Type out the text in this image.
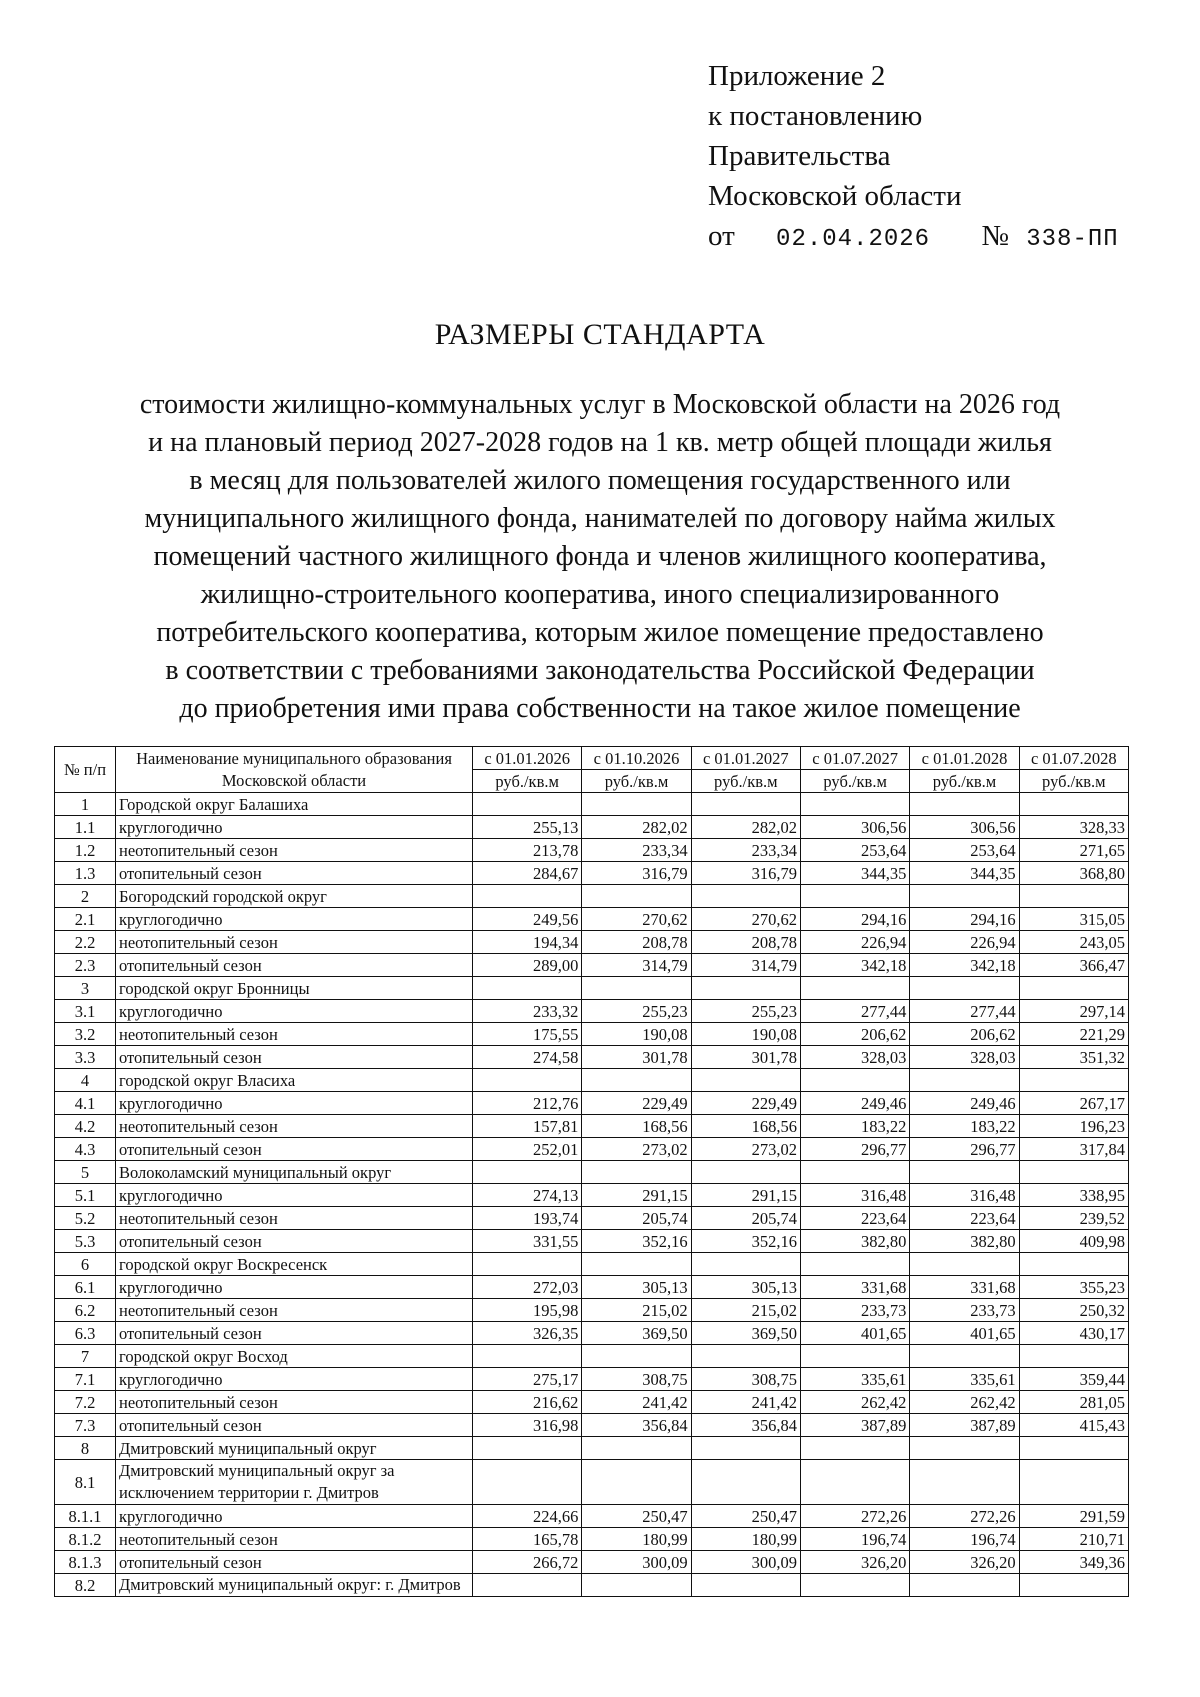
Приложение 2
к постановлению
Правительства
Московской области
от 02.04.2026 № 338-ПП
РАЗМЕРЫ СТАНДАРТА
стоимости жилищно-коммунальных услуг в Московской области на 2026 год
и на плановый период 2027-2028 годов на 1 кв. метр общей площади жилья
в месяц для пользователей жилого помещения государственного или
муниципального жилищного фонда, нанимателей по договору найма жилых
помещений частного жилищного фонда и членов жилищного кооператива,
жилищно-строительного кооператива, иного специализированного
потребительского кооператива, которым жилое помещение предоставлено
в соответствии с требованиями законодательства Российской Федерации
до приобретения ими права собственности на такое жилое помещение
№ п/п	Наименование муниципального образования Московской области	с 01.01.2026	с 01.10.2026	с 01.01.2027	с 01.07.2027	с 01.01.2028	с 01.07.2028
		руб./кв.м	руб./кв.м	руб./кв.м	руб./кв.м	руб./кв.м	руб./кв.м
1	Городской округ Балашиха						
1.1	круглогодично	255,13	282,02	282,02	306,56	306,56	328,33
1.2	неотопительный сезон	213,78	233,34	233,34	253,64	253,64	271,65
1.3	отопительный сезон	284,67	316,79	316,79	344,35	344,35	368,80
2	Богородский городской округ						
2.1	круглогодично	249,56	270,62	270,62	294,16	294,16	315,05
2.2	неотопительный сезон	194,34	208,78	208,78	226,94	226,94	243,05
2.3	отопительный сезон	289,00	314,79	314,79	342,18	342,18	366,47
3	городской округ Бронницы						
3.1	круглогодично	233,32	255,23	255,23	277,44	277,44	297,14
3.2	неотопительный сезон	175,55	190,08	190,08	206,62	206,62	221,29
3.3	отопительный сезон	274,58	301,78	301,78	328,03	328,03	351,32
4	городской округ Власиха						
4.1	круглогодично	212,76	229,49	229,49	249,46	249,46	267,17
4.2	неотопительный сезон	157,81	168,56	168,56	183,22	183,22	196,23
4.3	отопительный сезон	252,01	273,02	273,02	296,77	296,77	317,84
5	Волоколамский муниципальный округ						
5.1	круглогодично	274,13	291,15	291,15	316,48	316,48	338,95
5.2	неотопительный сезон	193,74	205,74	205,74	223,64	223,64	239,52
5.3	отопительный сезон	331,55	352,16	352,16	382,80	382,80	409,98
6	городской округ Воскресенск						
6.1	круглогодично	272,03	305,13	305,13	331,68	331,68	355,23
6.2	неотопительный сезон	195,98	215,02	215,02	233,73	233,73	250,32
6.3	отопительный сезон	326,35	369,50	369,50	401,65	401,65	430,17
7	городской округ Восход						
7.1	круглогодично	275,17	308,75	308,75	335,61	335,61	359,44
7.2	неотопительный сезон	216,62	241,42	241,42	262,42	262,42	281,05
7.3	отопительный сезон	316,98	356,84	356,84	387,89	387,89	415,43
8	Дмитровский муниципальный округ						
8.1	Дмитровский муниципальный округ за исключением территории г. Дмитров						
8.1.1	круглогодично	224,66	250,47	250,47	272,26	272,26	291,59
8.1.2	неотопительный сезон	165,78	180,99	180,99	196,74	196,74	210,71
8.1.3	отопительный сезон	266,72	300,09	300,09	326,20	326,20	349,36
8.2	Дмитровский муниципальный округ: г. Дмитров						
